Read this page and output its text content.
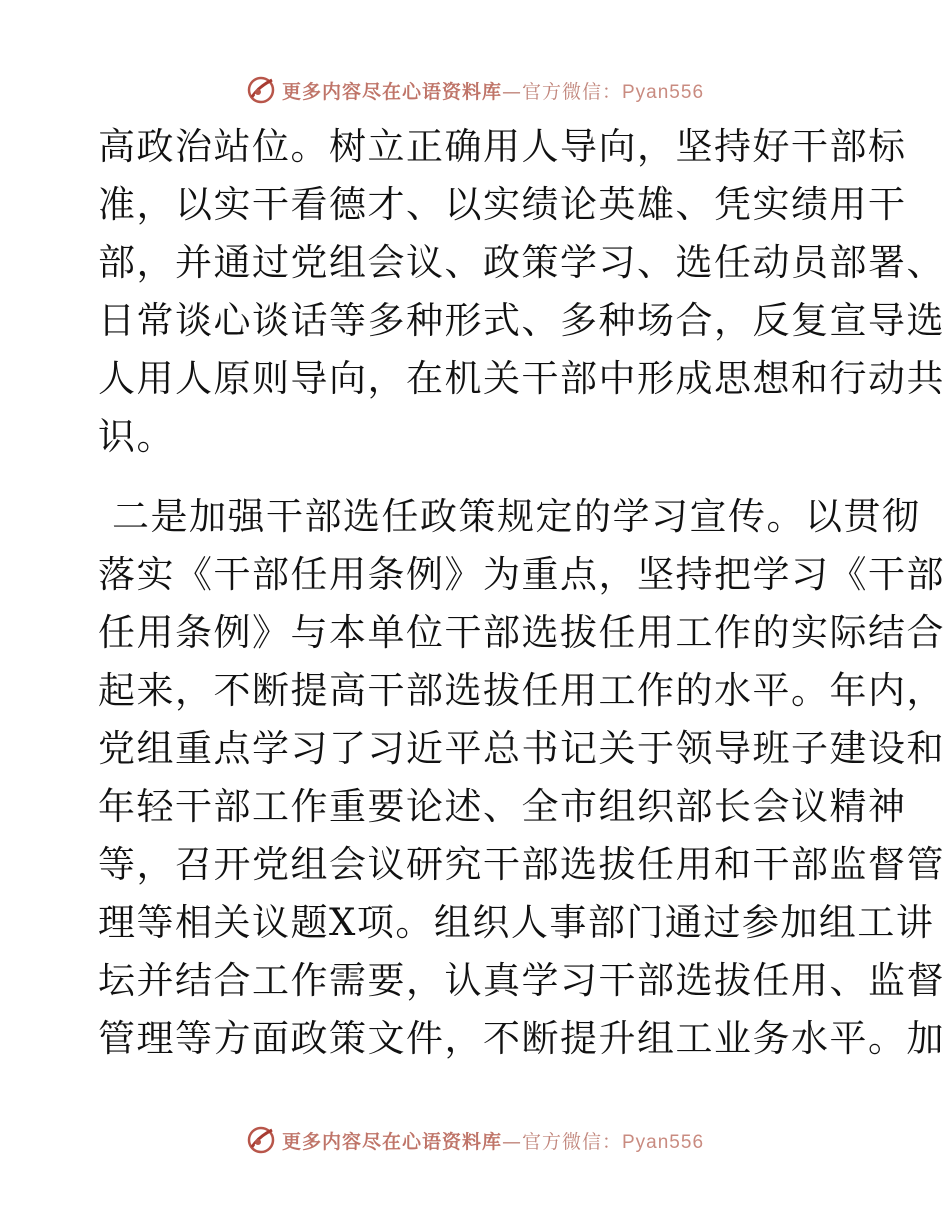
更多内容尽在心语资料库—官方微信：Pyan556
高政治站位。树立正确用人导向，坚持好干部标
准，以实干看德才、以实绩论英雄、凭实绩用干
部，并通过党组会议、政策学习、选任动员部署、
日常谈心谈话等多种形式、多种场合，反复宣导选
人用人原则导向，在机关干部中形成思想和行动共
识。
二是加强干部选任政策规定的学习宣传。以贯彻
落实《干部任用条例》为重点，坚持把学习《干部
任用条例》与本单位干部选拔任用工作的实际结合
起来，不断提高干部选拔任用工作的水平。年内，
党组重点学习了习近平总书记关于领导班子建设和
年轻干部工作重要论述、全市组织部长会议精神
等，召开党组会议研究干部选拔任用和干部监督管
理等相关议题X项。组织人事部门通过参加组工讲
坛并结合工作需要，认真学习干部选拔任用、监督
管理等方面政策文件，不断提升组工业务水平。加
更多内容尽在心语资料库—官方微信：Pyan556
